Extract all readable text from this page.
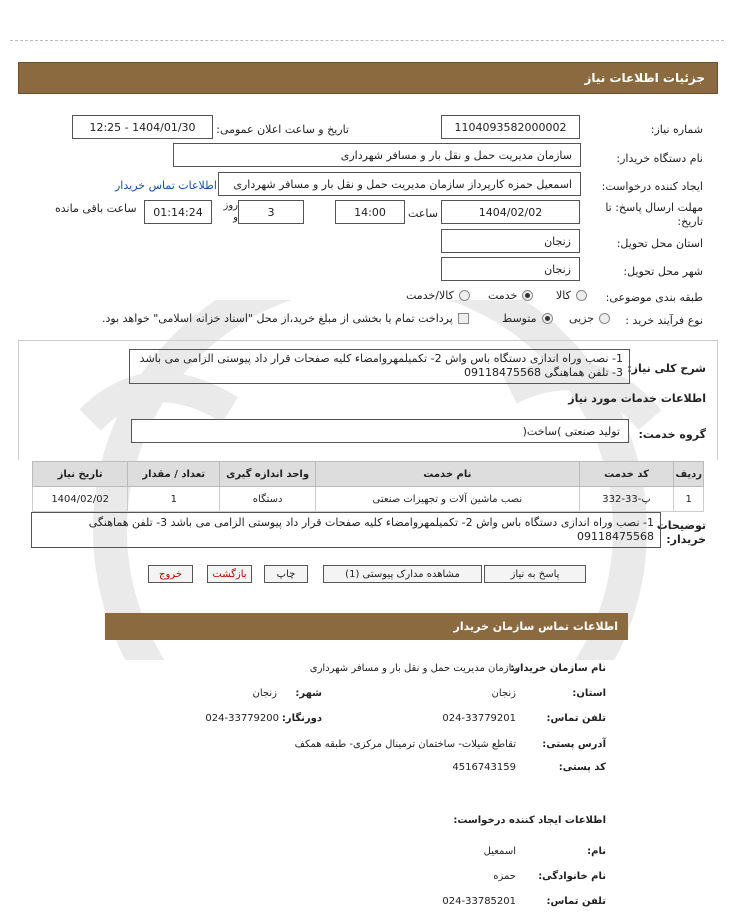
جزئیات اطلاعات نیاز
شماره نیاز:
1104093582000002
تاریخ و ساعت اعلان عمومی:
1404/01/30 - 12:25
نام دستگاه خریدار:
سازمان مدیریت حمل و نقل بار و مسافر شهرداری
ایجاد کننده درخواست:
اسمعیل حمزه کارپرداز سازمان مدیریت حمل و نقل بار و مسافر شهرداری
اطلاعات تماس خریدار
مهلت ارسال پاسخ: تا تاریخ:
1404/02/02
ساعت
14:00
3
روز و
01:14:24
ساعت باقی مانده
استان محل تحویل:
زنجان
شهر محل تحویل:
زنجان
طبقه بندی موضوعی:
کالا
خدمت
کالا/خدمت
نوع فرآیند خرید :
جزیی
متوسط
پرداخت تمام یا بخشی از مبلغ خرید،از محل "اسناد خزانه اسلامی" خواهد بود.
شرح کلی نیاز:
1- نصب وراه اندازی دستگاه باس واش 2- تکمیلمهروامضاء کلیه صفحات قرار داد پیوستی الزامی می باشد 3- تلفن هماهنگی 09118475568
اطلاعات خدمات مورد نیاز
گروه خدمت:
تولید صنعتی )ساخت(
ردیف	کد خدمت	نام خدمت	واحد اندازه گیری	تعداد / مقدار	تاریخ نیاز
1	پ-33-332	نصب ماشین آلات و تجهیزات صنعتی	دستگاه	1	1404/02/02
توضیحات خریدار:
1- نصب وراه اندازی دستگاه باس واش 2- تکمیلمهروامضاء کلیه صفحات قرار داد پیوستی الزامی می باشد 3- تلفن هماهنگی 09118475568
پاسخ به نیاز
مشاهده مدارک پیوستی (1)
چاپ
بازگشت
خروج
اطلاعات تماس سازمان خریدار
نام سازمان خریدار:
سازمان مدیریت حمل و نقل بار و مسافر شهرداری
استان:
زنجان
شهر:
زنجان
تلفن تماس:
024-33779201
دورنگار:
024-33779200
آدرس پستی:
تقاطع شیلات- ساختمان ترمینال مرکزی- طبقه همکف
کد پستی:
4516743159
اطلاعات ایجاد کننده درخواست:
نام:
اسمعیل
نام خانوادگی:
حمزه
تلفن تماس:
024-33785201
